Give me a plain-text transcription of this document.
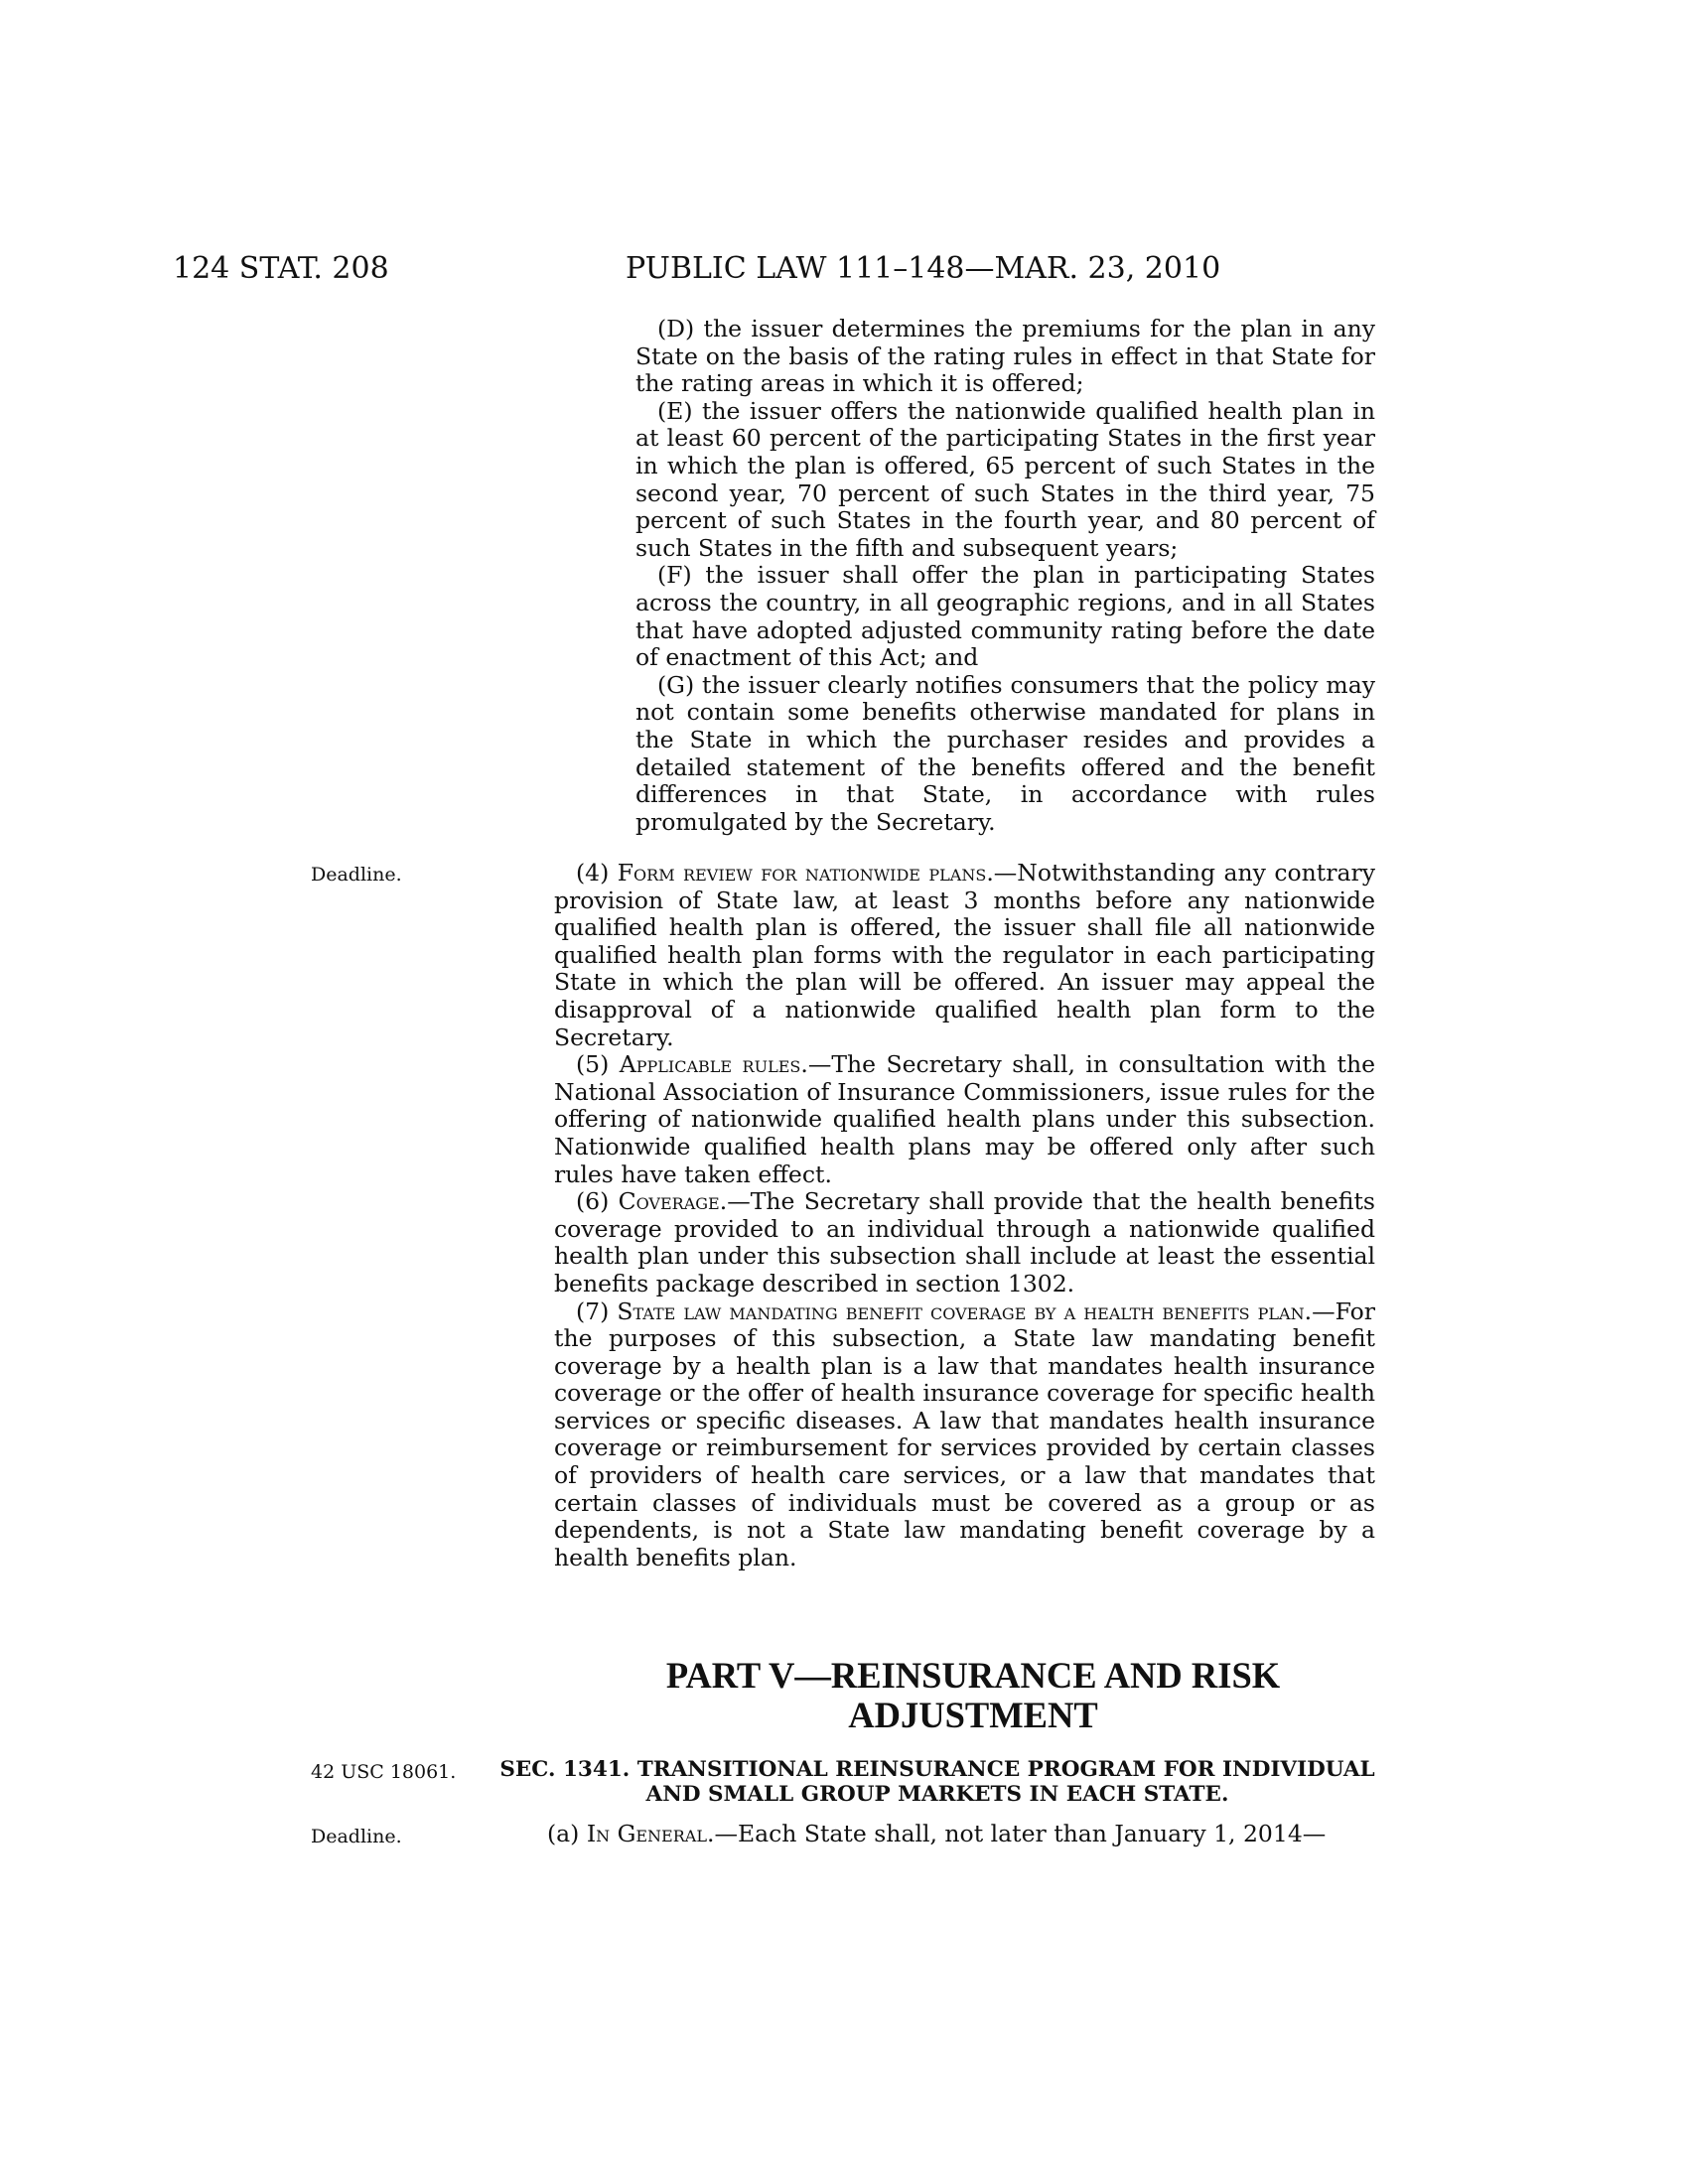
124 STAT. 208	PUBLIC LAW 111–148—MAR. 23, 2010

(D) the issuer determines the premiums for the plan in any State on the basis of the rating rules in effect in that State for the rating areas in which it is offered;

(E) the issuer offers the nationwide qualified health plan in at least 60 percent of the participating States in the first year in which the plan is offered, 65 percent of such States in the second year, 70 percent of such States in the third year, 75 percent of such States in the fourth year, and 80 percent of such States in the fifth and subsequent years;

(F) the issuer shall offer the plan in participating States across the country, in all geographic regions, and in all States that have adopted adjusted community rating before the date of enactment of this Act; and

(G) the issuer clearly notifies consumers that the policy may not contain some benefits otherwise mandated for plans in the State in which the purchaser resides and provides a detailed statement of the benefits offered and the benefit differences in that State, in accordance with rules promulgated by the Secretary.

Deadline.	(4) Form review for nationwide plans.—Notwithstanding any contrary provision of State law, at least 3 months before any nationwide qualified health plan is offered, the issuer shall file all nationwide qualified health plan forms with the regulator in each participating State in which the plan will be offered. An issuer may appeal the disapproval of a nationwide qualified health plan form to the Secretary.

(5) Applicable rules.—The Secretary shall, in consultation with the National Association of Insurance Commissioners, issue rules for the offering of nationwide qualified health plans under this subsection. Nationwide qualified health plans may be offered only after such rules have taken effect.

(6) Coverage.—The Secretary shall provide that the health benefits coverage provided to an individual through a nationwide qualified health plan under this subsection shall include at least the essential benefits package described in section 1302.

(7) State law mandating benefit coverage by a health benefits plan.—For the purposes of this subsection, a State law mandating benefit coverage by a health plan is a law that mandates health insurance coverage or the offer of health insurance coverage for specific health services or specific diseases. A law that mandates health insurance coverage or reimbursement for services provided by certain classes of providers of health care services, or a law that mandates that certain classes of individuals must be covered as a group or as dependents, is not a State law mandating benefit coverage by a health benefits plan.

PART V—REINSURANCE AND RISK
ADJUSTMENT
42 USC 18061. SEC. 1341. TRANSITIONAL REINSURANCE PROGRAM FOR INDIVIDUAL
AND SMALL GROUP MARKETS IN EACH STATE.
Deadline.	(a) In General.—Each State shall, not later than January 1, 2014—
